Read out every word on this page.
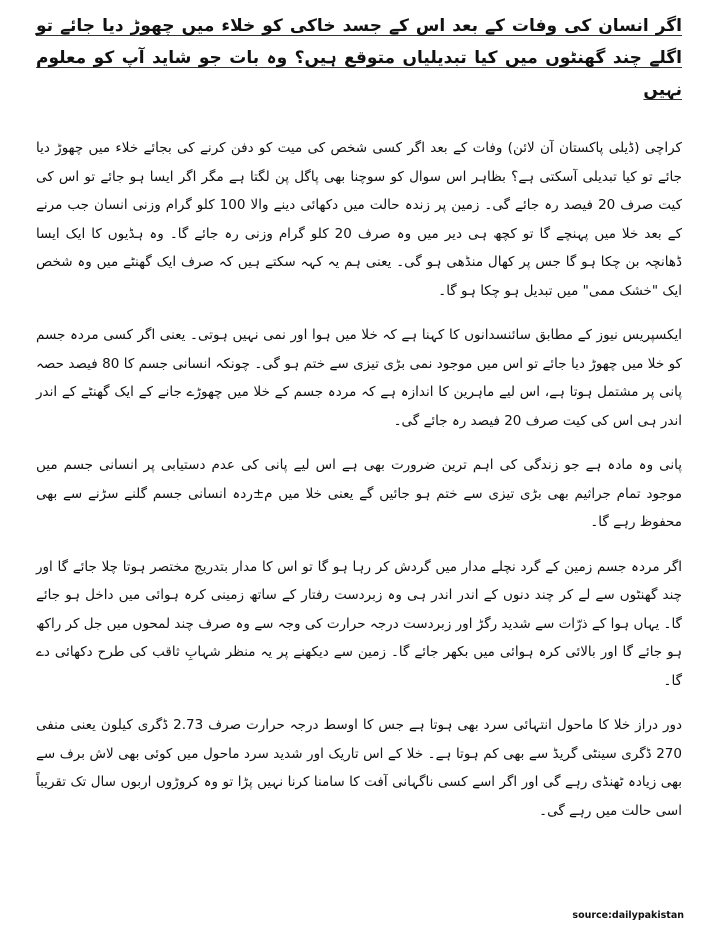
اگر انسان کی وفات کے بعد اس کے جسد خاکی کو خلاء میں چھوڑ دیا جائے تو اگلے چند گھنٹوں میں کیا تبدیلیاں متوقع ہیں؟ وہ بات جو شاید آپ کو معلوم نہیں
کراچی (ڈیلی پاکستان آن لائن) وفات کے بعد اگر کسی شخص کی میت کو دفن کرنے کی بجائے خلاء میں چھوڑ دیا جائے تو کیا تبدیلی آسکتی ہے؟ بظاہر اس سوال کو سوچنا بھی پاگل پن لگتا ہے مگر اگر ایسا ہو جائے تو اس کی کیت صرف 20 فیصد رہ جائے گی۔ زمین پر زندہ حالت میں دکھائی دینے والا 100 کلو گرام وزنی انسان جب مرنے کے بعد خلا میں پہنچے گا تو کچھ ہی دیر میں وہ صرف 20 کلو گرام وزنی رہ جائے گا۔ وہ ہڈیوں کا ایک ایسا ڈھانچہ بن چکا ہو گا جس پر کھال منڈھی ہو گی۔ یعنی ہم یہ کہہ سکتے ہیں کہ صرف ایک گھنٹے میں وہ شخص ایک "خشک ممی" میں تبدیل ہو چکا ہو گا۔
ایکسپریس نیوز کے مطابق سائنسدانوں کا کہنا ہے کہ خلا میں ہوا اور نمی نہیں ہوتی۔ یعنی اگر کسی مردہ جسم کو خلا میں چھوڑ دیا جائے تو اس میں موجود نمی بڑی تیزی سے ختم ہو گی۔ چونکہ انسانی جسم کا 80 فیصد حصہ پانی پر مشتمل ہوتا ہے، اس لیے ماہرین کا اندازہ ہے کہ مردہ جسم کے خلا میں چھوڑے جانے کے ایک گھنٹے کے اندر اندر ہی اس کی کیت صرف 20 فیصد رہ جائے گی۔
پانی وہ مادہ ہے جو زندگی کی اہم ترین ضرورت بھی ہے اس لیے پانی کی عدم دستیابی پر انسانی جسم میں موجود تمام جراثیم بھی بڑی تیزی سے ختم ہو جائیں گے یعنی خلا میں م±ردہ انسانی جسم گلنے سڑنے سے بھی محفوظ رہے گا۔
اگر مردہ جسم زمین کے گرد نچلے مدار میں گردش کر رہا ہو گا تو اس کا مدار بتدریج مختصر ہوتا چلا جائے گا اور چند گھنٹوں سے لے کر چند دنوں کے اندر اندر ہی وہ زبردست رفتار کے ساتھ زمینی کرہ ہوائی میں داخل ہو جائے گا۔ یہاں ہوا کے ذرّات سے شدید رگڑ اور زبردست درجہ حرارت کی وجہ سے وہ صرف چند لمحوں میں جل کر راکھ ہو جائے گا اور بالائی کرہ ہوائی میں بکھر جائے گا۔ زمین سے دیکھنے پر یہ منظر شہابِ ثاقب کی طرح دکھائی دے گا۔
دور دراز خلا کا ماحول انتہائی سرد بھی ہوتا ہے جس کا اوسط درجہ حرارت صرف 2.73 ڈگری کیلون یعنی منفی 270 ڈگری سینٹی گریڈ سے بھی کم ہوتا ہے۔ خلا کے اس تاریک اور شدید سرد ماحول میں کوئی بھی لاش برف سے بھی زیادہ ٹھنڈی رہے گی اور اگر اسے کسی ناگہانی آفت کا سامنا کرنا نہیں پڑا تو وہ کروڑوں اربوں سال تک تقریباً اسی حالت میں رہے گی۔
source:dailypakistan
